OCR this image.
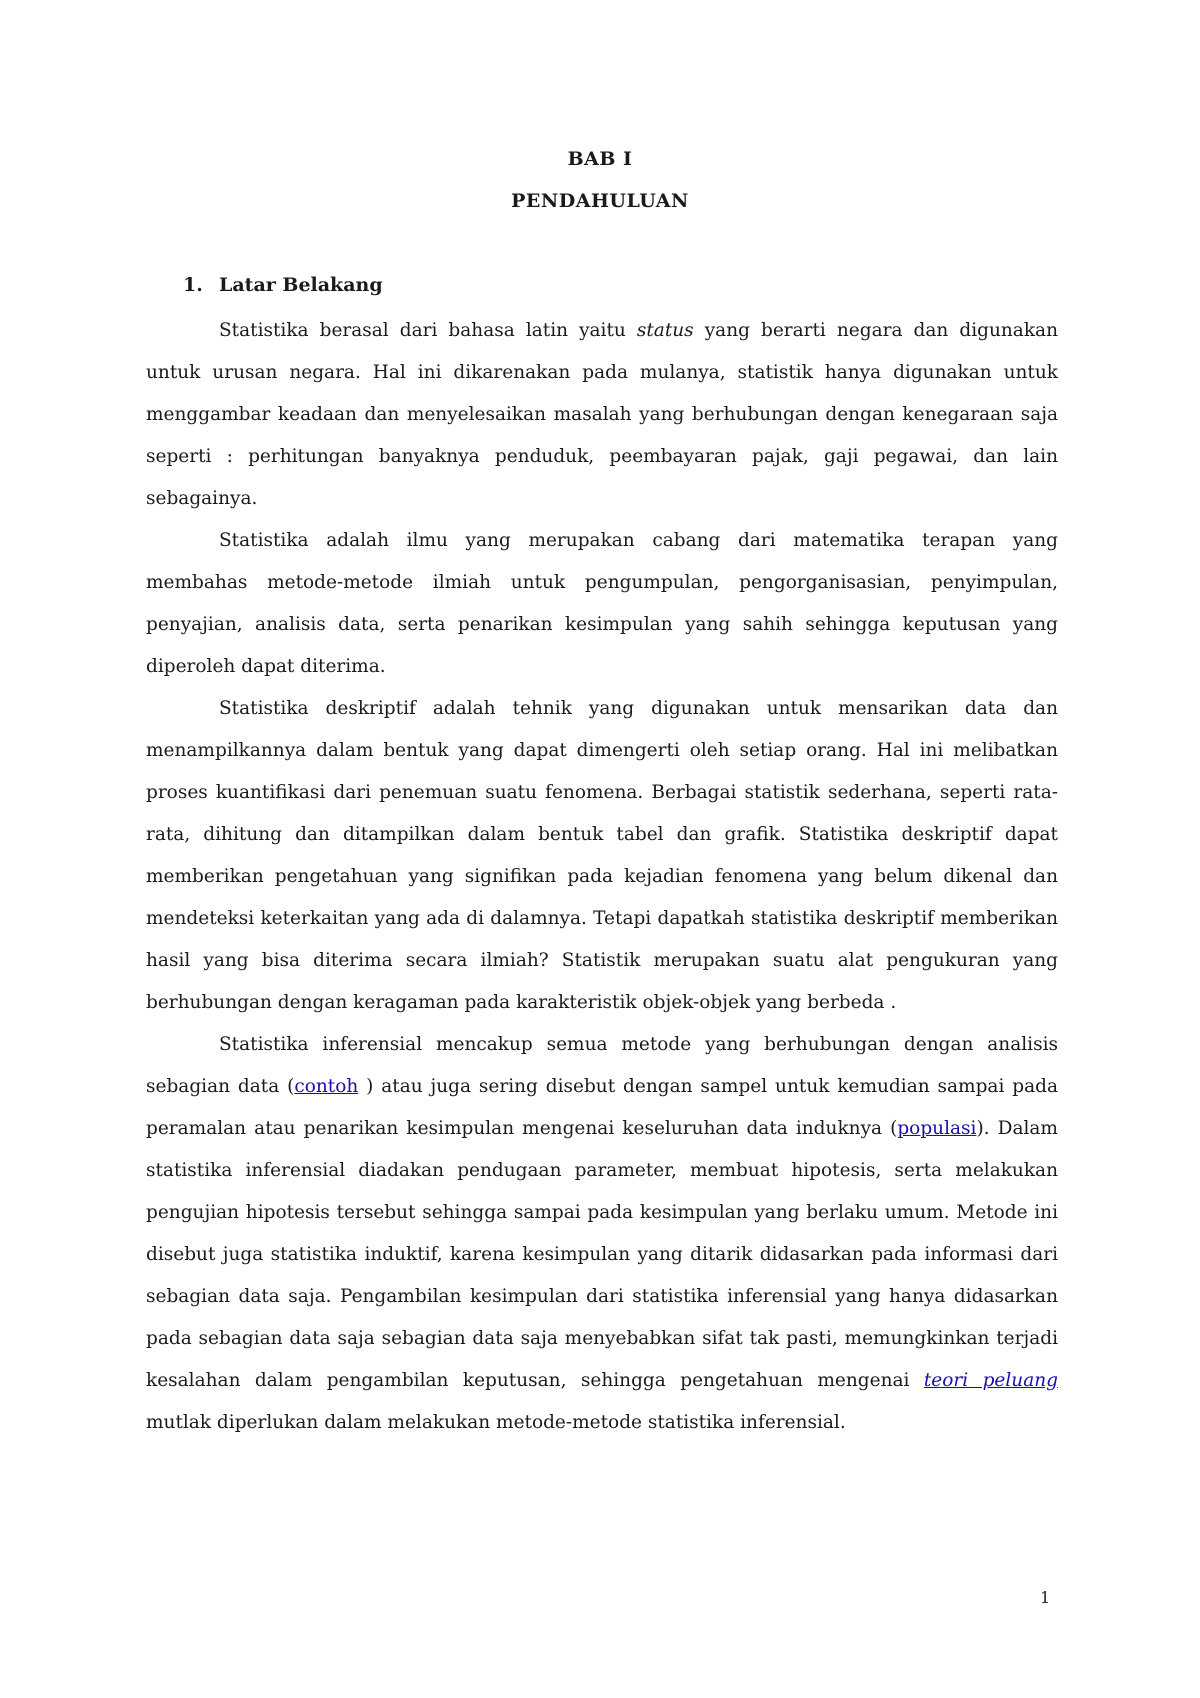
BAB I
PENDAHULUAN
1. Latar Belakang

Statistika berasal dari bahasa latin yaitu status yang berarti negara dan digunakan untuk urusan negara. Hal ini dikarenakan pada mulanya, statistik hanya digunakan untuk menggambar keadaan dan menyelesaikan masalah yang berhubungan dengan kenegaraan saja seperti : perhitungan banyaknya penduduk, peembayaran pajak, gaji pegawai, dan lain sebagainya.

Statistika adalah ilmu yang merupakan cabang dari matematika terapan yang membahas metode-metode ilmiah untuk pengumpulan, pengorganisasian, penyimpulan, penyajian, analisis data, serta penarikan kesimpulan yang sahih sehingga keputusan yang diperoleh dapat diterima.

Statistika deskriptif adalah tehnik yang digunakan untuk mensarikan data dan menampilkannya dalam bentuk yang dapat dimengerti oleh setiap orang. Hal ini melibatkan proses kuantifikasi dari penemuan suatu fenomena. Berbagai statistik sederhana, seperti rata-rata, dihitung dan ditampilkan dalam bentuk tabel dan grafik. Statistika deskriptif dapat memberikan pengetahuan yang signifikan pada kejadian fenomena yang belum dikenal dan mendeteksi keterkaitan yang ada di dalamnya. Tetapi dapatkah statistika deskriptif memberikan hasil yang bisa diterima secara ilmiah? Statistik merupakan suatu alat pengukuran yang berhubungan dengan keragaman pada karakteristik objek-objek yang berbeda .

Statistika inferensial mencakup semua metode yang berhubungan dengan analisis sebagian data (contoh ) atau juga sering disebut dengan sampel untuk kemudian sampai pada peramalan atau penarikan kesimpulan mengenai keseluruhan data induknya (populasi). Dalam statistika inferensial diadakan pendugaan parameter, membuat hipotesis, serta melakukan pengujian hipotesis tersebut sehingga sampai pada kesimpulan yang berlaku umum. Metode ini disebut juga statistika induktif, karena kesimpulan yang ditarik didasarkan pada informasi dari sebagian data saja. Pengambilan kesimpulan dari statistika inferensial yang hanya didasarkan pada sebagian data saja sebagian data saja menyebabkan sifat tak pasti, memungkinkan terjadi kesalahan dalam pengambilan keputusan, sehingga pengetahuan mengenai teori peluang mutlak diperlukan dalam melakukan metode-metode statistika inferensial.

1
